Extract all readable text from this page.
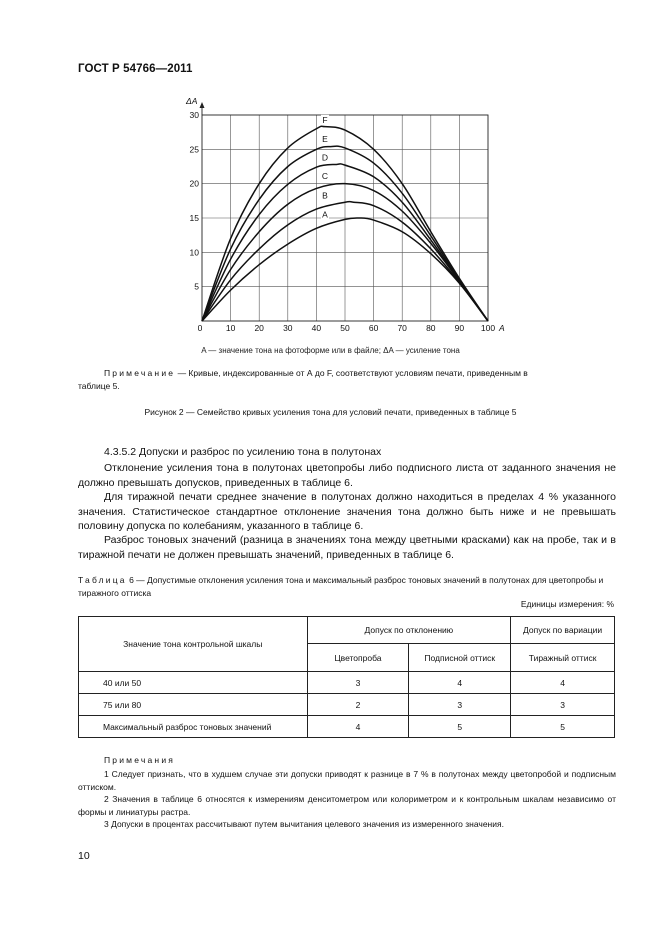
ГОСТ Р 54766—2011
0	10 20 30 40 50 60 70 80 90 100
5
10
15
20
25
30
ΔA
A
A
B
C
D
E
F
A — значение тона на фотоформе или в файле; ΔA — усиление тона
Примечание — Кривые, индексированные от А до F, соответствуют условиям печати, приведенным в
таблице 5.
Рисунок 2 — Семейство кривых усиления тона для условий печати, приведенных в таблице 5
4.3.5.2 Допуски и разброс по усилению тона в полутонах
Отклонение усиления тона в полутонах цветопробы либо подписного листа от заданного значения не должно превышать допусков, приведенных в таблице 6.
Для тиражной печати среднее значение в полутонах должно находиться в пределах 4 % указанного значения. Статистическое стандартное отклонение значения тона должно быть ниже и не превышать половину допуска по колебаниям, указанного в таблице 6.
Разброс тоновых значений (разница в значениях тона между цветными красками) как на пробе, так и в тиражной печати не должен превышать значений, приведенных в таблице 6.
Таблица 6 — Допустимые отклонения усиления тона и максимальный разброс тоновых значений в полутонах для цветопробы и тиражного оттиска
Единицы измерения: %
Значение тона контрольной шкалы	Допуск по отклонению		Допуск по вариации
	Цветопроба	Подписной оттиск	Тиражный оттиск
40 или 50	3	4	4
75 или 80	2	3	3
Максимальный разброс тоновых значений	4	5	5
Примечания
1 Следует признать, что в худшем случае эти допуски приводят к разнице в 7 % в полутонах между цветопробой и подписным оттиском.
2 Значения в таблице 6 относятся к измерениям денситометром или колориметром и к контрольным шкалам независимо от формы и линиатуры растра.
3 Допуски в процентах рассчитывают путем вычитания целевого значения из измеренного значения.
10
